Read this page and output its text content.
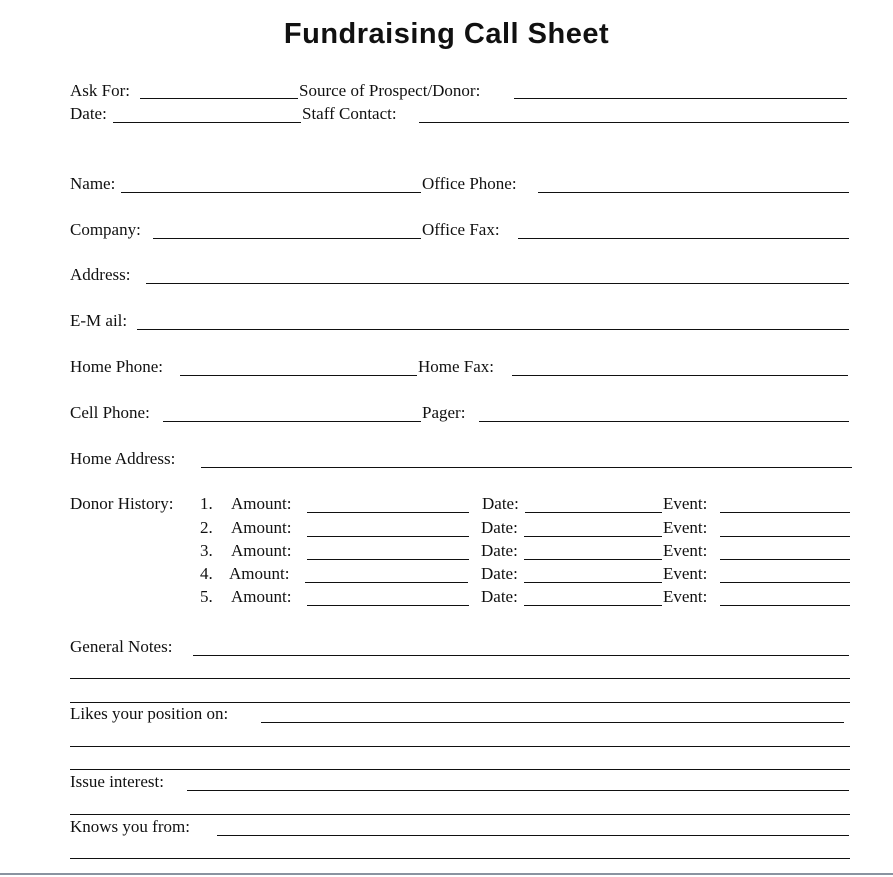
Fundraising Call Sheet
Ask For:	Source of Prospect/Donor:
Date:	Staff Contact:
Name:	Office Phone:
Company:	Office Fax:
Address:
E-M ail:
Home Phone:	Home Fax:
Cell Phone:	Pager:
Home Address:
Donor History: 1. Amount:	Date:	Event:
2. Amount:	Date:	Event:
3. Amount:	Date:	Event:
4. Amount:	Date:	Event:
5. Amount:	Date:	Event:
General Notes:
Likes your position on:
Issue interest:
Knows you from:
